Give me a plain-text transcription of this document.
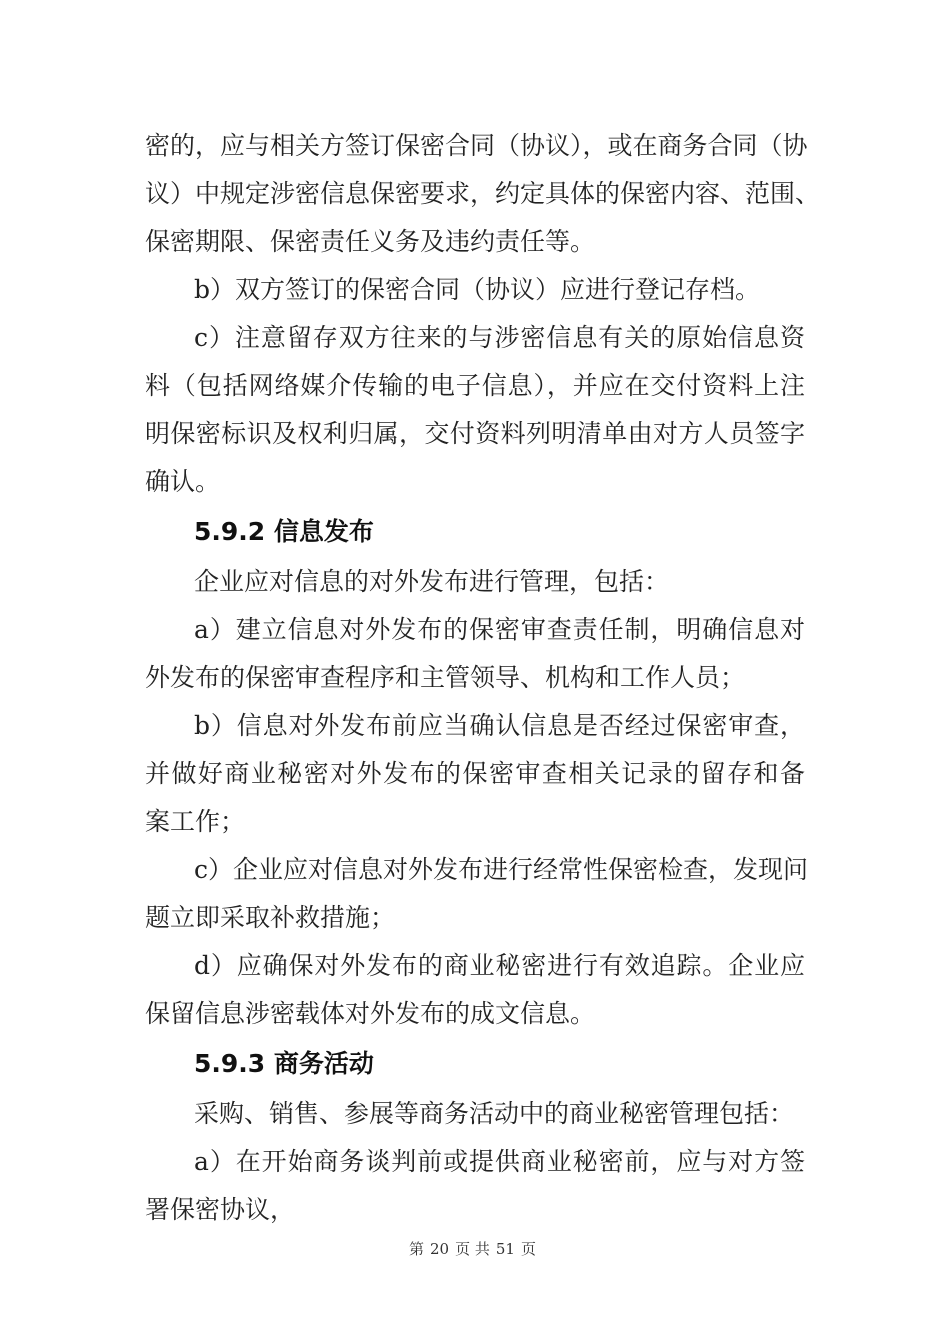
密的，应与相关方签订保密合同（协议），或在商务合同（协
议）中规定涉密信息保密要求，约定具体的保密内容、范围、
保密期限、保密责任义务及违约责任等。
b）双方签订的保密合同（协议）应进行登记存档。
c）注意留存双方往来的与涉密信息有关的原始信息资
料（包括网络媒介传输的电子信息），并应在交付资料上注
明保密标识及权利归属，交付资料列明清单由对方人员签字
确认。
5.9.2 信息发布
企业应对信息的对外发布进行管理，包括：
a）建立信息对外发布的保密审查责任制，明确信息对
外发布的保密审查程序和主管领导、机构和工作人员；
b）信息对外发布前应当确认信息是否经过保密审查，
并做好商业秘密对外发布的保密审查相关记录的留存和备
案工作；
c）企业应对信息对外发布进行经常性保密检查，发现问
题立即采取补救措施；
d）应确保对外发布的商业秘密进行有效追踪。企业应
保留信息涉密载体对外发布的成文信息。
5.9.3 商务活动
采购、销售、参展等商务活动中的商业秘密管理包括：
a）在开始商务谈判前或提供商业秘密前，应与对方签
署保密协议，
第 20 页 共 51 页
